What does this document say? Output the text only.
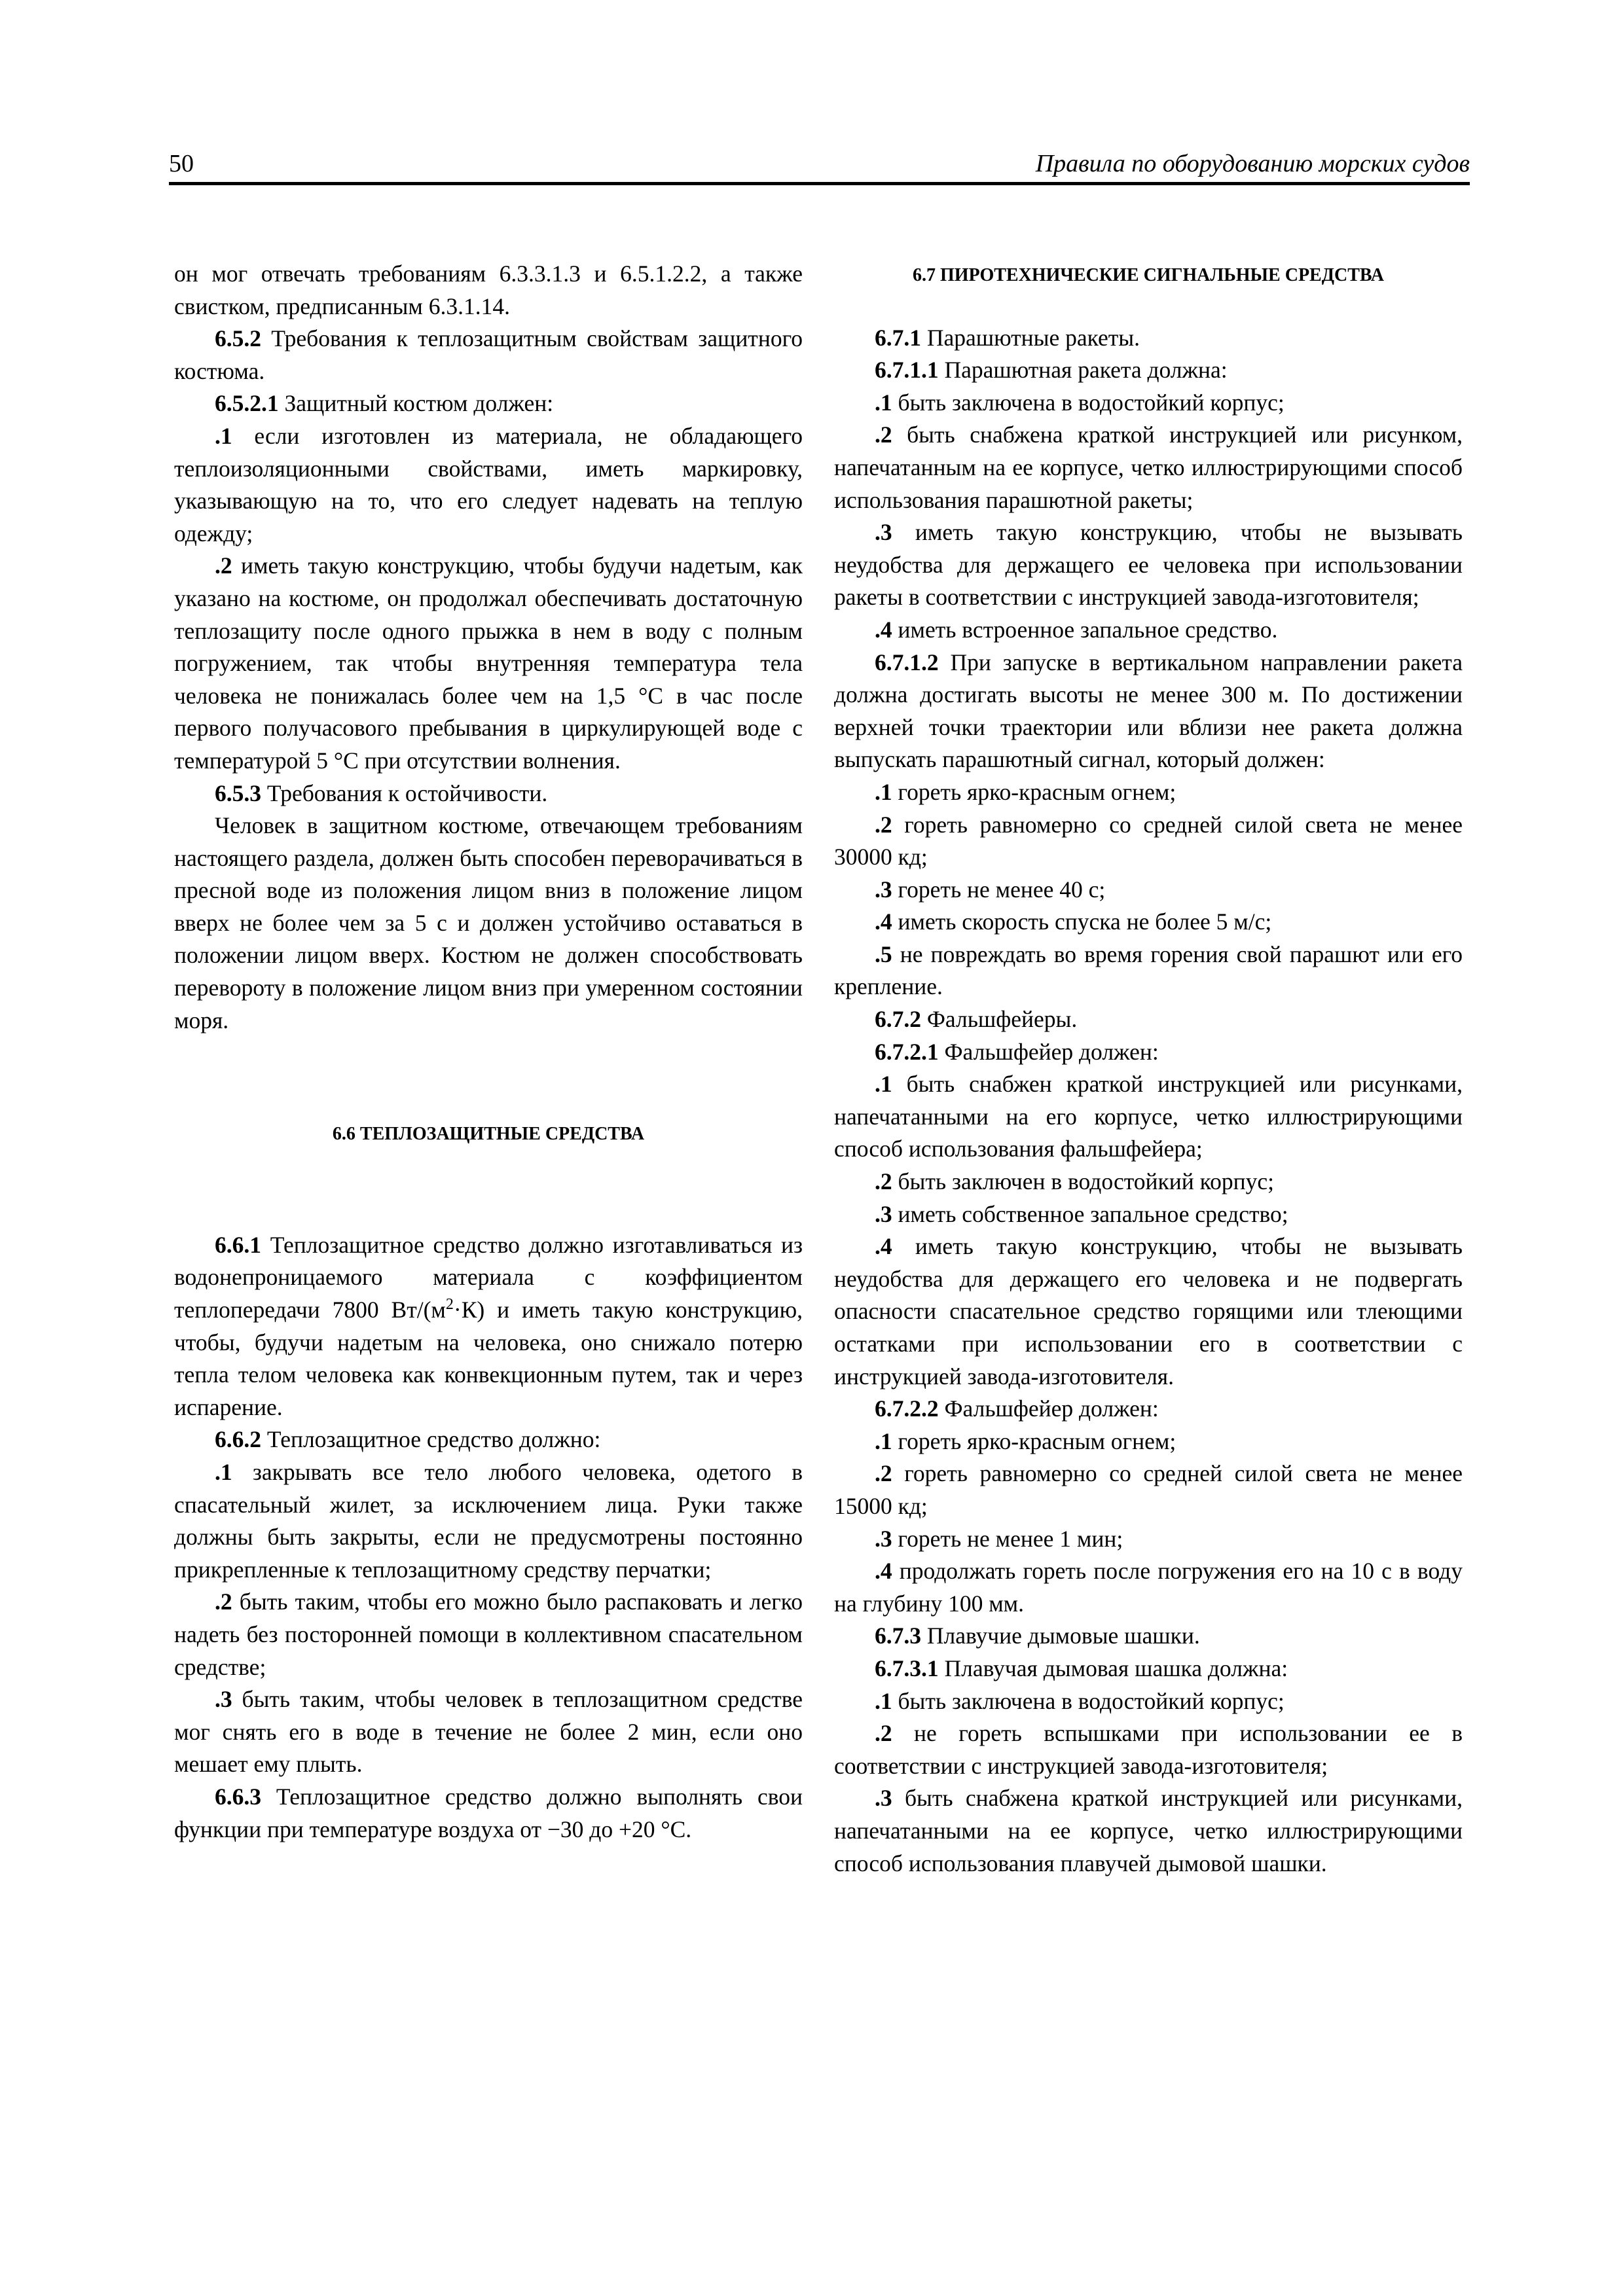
50	Правила по оборудованию морских судов

он мог отвечать требованиям 6.3.3.1.3 и 6.5.1.2.2, а также свистком, предписанным 6.3.1.14.

6.5.2 Требования к теплозащитным свойствам защитного костюма.

6.5.2.1 Защитный костюм должен:

.1 если изготовлен из материала, не обладающего теплоизоляционными свойствами, иметь маркировку, указывающую на то, что его следует надевать на теплую одежду;

.2 иметь такую конструкцию, чтобы будучи надетым, как указано на костюме, он продолжал обеспечивать достаточную теплозащиту после одного прыжка в нем в воду с полным погружением, так чтобы внутренняя температура тела человека не понижалась более чем на 1,5 °С в час после первого получасового пребывания в циркулирующей воде с температурой 5 °С при отсутствии волнения.

6.5.3 Требования к остойчивости.

Человек в защитном костюме, отвечающем требованиям настоящего раздела, должен быть способен переворачиваться в пресной воде из положения лицом вниз в положение лицом вверх не более чем за 5 с и должен устойчиво оставаться в положении лицом вверх. Костюм не должен способствовать перевороту в положение лицом вниз при умеренном состоянии моря.

6.6 ТЕПЛОЗАЩИТНЫЕ СРЕДСТВА

6.6.1 Теплозащитное средство должно изготавливаться из водонепроницаемого материала с коэффициентом теплопередачи 7800 $Вт/(м^2\cdot К)$ и иметь такую конструкцию, чтобы, будучи надетым на человека, оно снижало потерю тепла телом человека как конвекционным путем, так и через испарение.

6.6.2 Теплозащитное средство должно:

.1 закрывать все тело любого человека, одетого в спасательный жилет, за исключением лица. Руки также должны быть закрыты, если не предусмотрены постоянно прикрепленные к теплозащитному средству перчатки;

.2 быть таким, чтобы его можно было распаковать и легко надеть без посторонней помощи в коллективном спасательном средстве;

.3 быть таким, чтобы человек в теплозащитном средстве мог снять его в воде в течение не более 2 мин, если оно мешает ему плыть.

6.6.3 Теплозащитное средство должно выполнять свои функции при температуре воздуха от −30 до +20 °С.

6.7 ПИРОТЕХНИЧЕСКИЕ СИГНАЛЬНЫЕ СРЕДСТВА

6.7.1 Парашютные ракеты.

6.7.1.1 Парашютная ракета должна:

.1 быть заключена в водостойкий корпус;

.2 быть снабжена краткой инструкцией или рисунком, напечатанным на ее корпусе, четко иллюстрирующими способ использования парашютной ракеты;

.3 иметь такую конструкцию, чтобы не вызывать неудобства для держащего ее человека при использовании ракеты в соответствии с инструкцией завода-изготовителя;

.4 иметь встроенное запальное средство.

6.7.1.2 При запуске в вертикальном направлении ракета должна достигать высоты не менее 300 м. По достижении верхней точки траектории или вблизи нее ракета должна выпускать парашютный сигнал, который должен:

.1 гореть ярко-красным огнем;

.2 гореть равномерно со средней силой света не менее 30000 кд;

.3 гореть не менее 40 с;

.4 иметь скорость спуска не более 5 м/с;

.5 не повреждать во время горения свой парашют или его крепление.

6.7.2 Фальшфейеры.

6.7.2.1 Фальшфейер должен:

.1 быть снабжен краткой инструкцией или рисунками, напечатанными на его корпусе, четко иллюстрирующими способ использования фальшфейера;

.2 быть заключен в водостойкий корпус;

.3 иметь собственное запальное средство;

.4 иметь такую конструкцию, чтобы не вызывать неудобства для держащего его человека и не подвергать опасности спасательное средство горящими или тлеющими остатками при использовании его в соответствии с инструкцией завода-изготовителя.

6.7.2.2 Фальшфейер должен:

.1 гореть ярко-красным огнем;

.2 гореть равномерно со средней силой света не менее 15000 кд;

.3 гореть не менее 1 мин;

.4 продолжать гореть после погружения его на 10 с в воду на глубину 100 мм.

6.7.3 Плавучие дымовые шашки.

6.7.3.1 Плавучая дымовая шашка должна:

.1 быть заключена в водостойкий корпус;

.2 не гореть вспышками при использовании ее в соответствии с инструкцией завода-изготовителя;

.3 быть снабжена краткой инструкцией или рисунками, напечатанными на ее корпусе, четко иллюстрирующими способ использования плавучей дымовой шашки.
